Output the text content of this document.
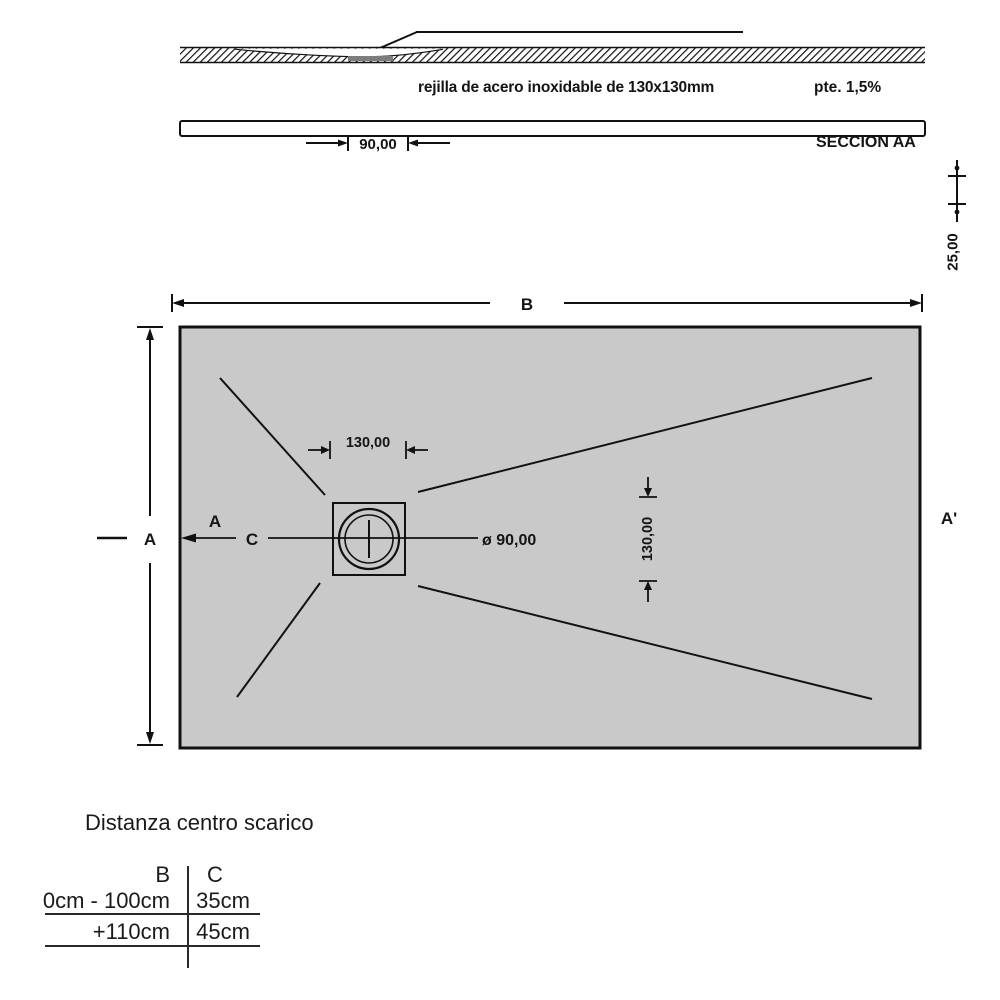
rejilla de acero inoxidable de 130x130mm	pte. 1,5%
SECCION AA
90,00
25,00
B
A
A
C	ø 90,00
130,00
130,00	A'
Distanza centro scarico
B	C
0cm - 100cm 35cm
+110cm 45cm
